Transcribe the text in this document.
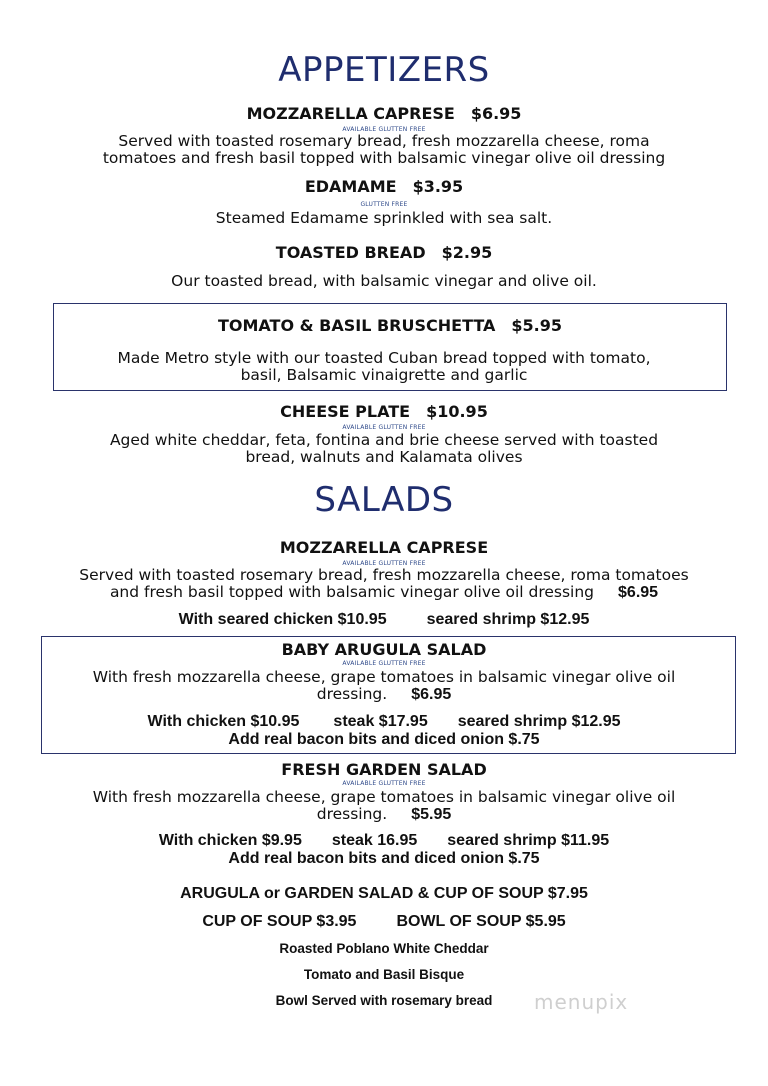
APPETIZERS
MOZZARELLA CAPRESE $6.95
AVAILABLE GLUTTEN FREE
Served with toasted rosemary bread, fresh mozzarella cheese, roma
tomatoes and fresh basil topped with balsamic vinegar olive oil dressing
EDAMAME $3.95
GLUTTEN FREE
Steamed Edamame sprinkled with sea salt.
TOASTED BREAD $2.95
Our toasted bread, with balsamic vinegar and olive oil.
TOMATO & BASIL BRUSCHETTA $5.95
Made Metro style with our toasted Cuban bread topped with tomato,
basil, Balsamic vinaigrette and garlic
CHEESE PLATE $10.95
AVAILABLE GLUTTEN FREE
Aged white cheddar, feta, fontina and brie cheese served with toasted
bread, walnuts and Kalamata olives
SALADS
MOZZARELLA CAPRESE
AVAILABLE GLUTTEN FREE
Served with toasted rosemary bread, fresh mozzarella cheese, roma tomatoes
and fresh basil topped with balsamic vinegar olive oil dressing $6.95
With seared chicken $10.95	seared shrimp $12.95
BABY ARUGULA SALAD
AVAILABLE GLUTTEN FREE
With fresh mozzarella cheese, grape tomatoes in balsamic vinegar olive oil
dressing. $6.95
With chicken $10.95 steak $17.95 seared shrimp $12.95
Add real bacon bits and diced onion $.75
FRESH GARDEN SALAD
AVAILABLE GLUTTEN FREE
With fresh mozzarella cheese, grape tomatoes in balsamic vinegar olive oil
dressing. $5.95
With chicken $9.95 steak 16.95 seared shrimp $11.95
Add real bacon bits and diced onion $.75
ARUGULA or GARDEN SALAD & CUP OF SOUP $7.95
CUP OF SOUP $3.95	BOWL OF SOUP $5.95
Roasted Poblano White Cheddar
Tomato and Basil Bisque
Bowl Served with rosemary bread	menupix
